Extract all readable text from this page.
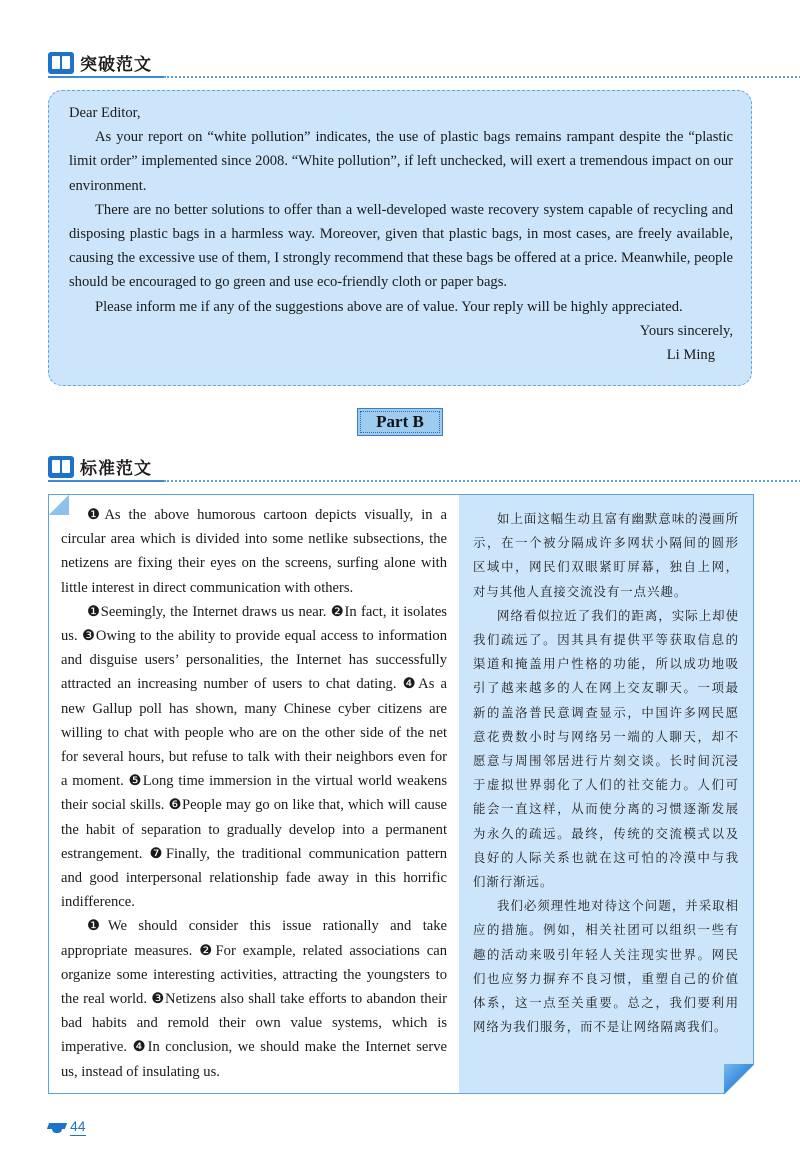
突破范文

Dear Editor,

As your report on “white pollution” indicates, the use of plastic bags remains rampant despite the “plastic limit order” implemented since 2008. “White pollution”, if left unchecked, will exert a tremendous impact on our environment.

There are no better solutions to offer than a well-developed waste recovery system capable of recycling and disposing plastic bags in a harmless way. Moreover, given that plastic bags, in most cases, are freely available, causing the excessive use of them, I strongly recommend that these bags be offered at a price. Meanwhile, people should be encouraged to go green and use eco-friendly cloth or paper bags.

Please inform me if any of the suggestions above are of value. Your reply will be highly appreciated.

Yours sincerely,

Li Ming

Part B
标准范文

❶As the above humorous cartoon depicts visually, in a circular area which is divided into some netlike subsections, the netizens are fixing their eyes on the screens, surfing alone with little interest in direct communication with others.

❶Seemingly, the Internet draws us near. ❷In fact, it isolates us. ❸Owing to the ability to provide equal access to information and disguise users’ personalities, the Internet has successfully attracted an increasing number of users to chat dating. ❹As a new Gallup poll has shown, many Chinese cyber citizens are willing to chat with people who are on the other side of the net for several hours, but refuse to talk with their neighbors even for a moment. ❺Long time immersion in the virtual world weakens their social skills. ❻People may go on like that, which will cause the habit of separation to gradually develop into a permanent estrangement. ❼Finally, the traditional communication pattern and good interpersonal relationship fade away in this horrific indifference.

❶We should consider this issue rationally and take appropriate measures. ❷For example, related associations can organize some interesting activities, attracting the youngsters to the real world. ❸Netizens also shall take efforts to abandon their bad habits and remold their own value systems, which is imperative. ❹In conclusion, we should make the Internet serve us, instead of insulating us.

如上面这幅生动且富有幽默意味的漫画所示，在一个被分隔成许多网状小隔间的圆形区域中，网民们双眼紧盯屏幕，独自上网，对与其他人直接交流没有一点兴趣。

网络看似拉近了我们的距离，实际上却使我们疏远了。因其具有提供平等获取信息的渠道和掩盖用户性格的功能，所以成功地吸引了越来越多的人在网上交友聊天。一项最新的盖洛普民意调查显示，中国许多网民愿意花费数小时与网络另一端的人聊天，却不愿意与周围邻居进行片刻交谈。长时间沉浸于虚拟世界弱化了人们的社交能力。人们可能会一直这样，从而使分离的习惯逐渐发展为永久的疏远。最终，传统的交流模式以及良好的人际关系也就在这可怕的冷漠中与我们渐行渐远。

我们必须理性地对待这个问题，并采取相应的措施。例如，相关社团可以组织一些有趣的活动来吸引年轻人关注现实世界。网民们也应努力摒弃不良习惯，重塑自己的价值体系，这一点至关重要。总之，我们要利用网络为我们服务，而不是让网络隔离我们。

44
